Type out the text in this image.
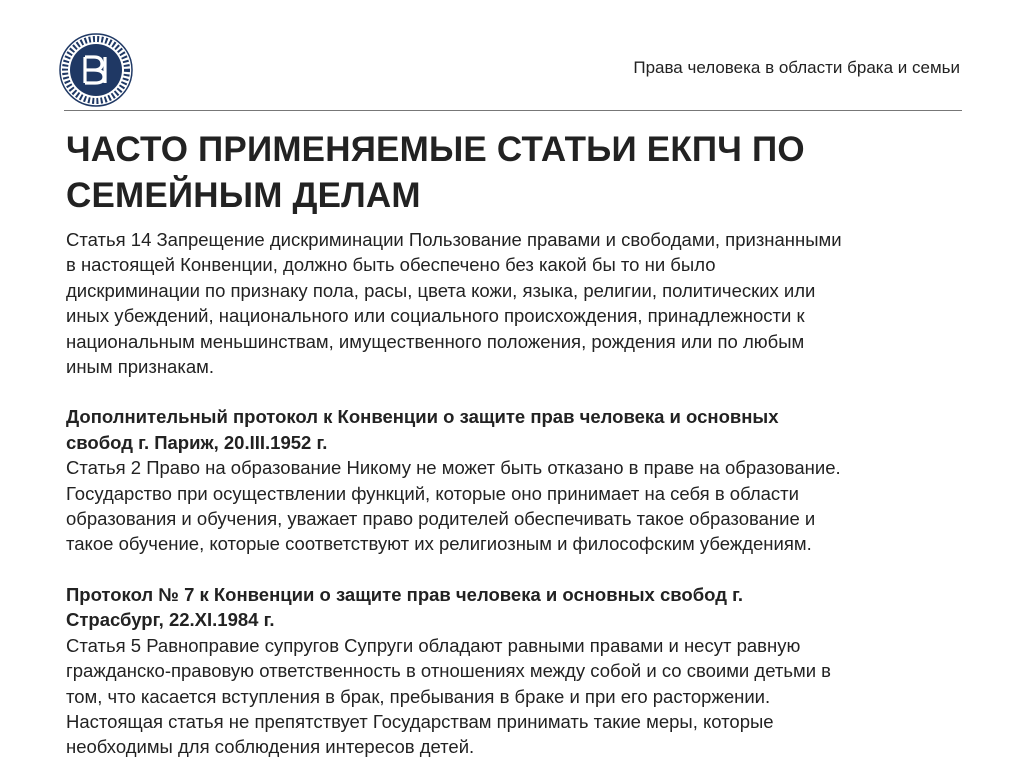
Права человека в области брака и семьи
ЧАСТО ПРИМЕНЯЕМЫЕ СТАТЬИ ЕКПЧ ПО
СЕМЕЙНЫМ ДЕЛАМ

Статья 14 Запрещение дискриминации Пользование правами и свободами, признанными
в настоящей Конвенции, должно быть обеспечено без какой бы то ни было
дискриминации по признаку пола, расы, цвета кожи, языка, религии, политических или
иных убеждений, национального или социального происхождения, принадлежности к
национальным меньшинствам, имущественного положения, рождения или по любым
иным признакам.

Дополнительный протокол к Конвенции о защите прав человека и основных
свобод г. Париж, 20.III.1952 г.
Статья 2 Право на образование Никому не может быть отказано в праве на образование.
Государство при осуществлении функций, которые оно принимает на себя в области
образования и обучения, уважает право родителей обеспечивать такое образование и
такое обучение, которые соответствуют их религиозным и философским убеждениям.

Протокол № 7 к Конвенции о защите прав человека и основных свобод г.
Страсбург, 22.XI.1984 г.
Статья 5 Равноправие супругов Супруги обладают равными правами и несут равную
гражданско-правовую ответственность в отношениях между собой и со своими детьми в
том, что касается вступления в брак, пребывания в браке и при его расторжении.
Настоящая статья не препятствует Государствам принимать такие меры, которые
необходимы для соблюдения интересов детей.
